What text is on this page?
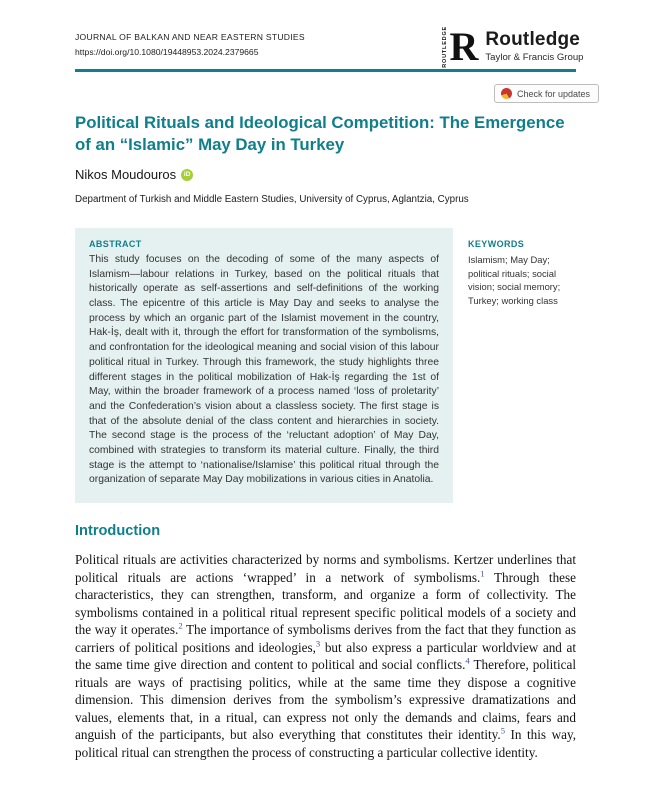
JOURNAL OF BALKAN AND NEAR EASTERN STUDIES
https://doi.org/10.1080/19448953.2024.2379665	ROUTLEDGE R Routledge
Taylor & Francis Group
Check for updates
Political Rituals and Ideological Competition: The Emergence
of an “Islamic” May Day in Turkey
Nikos Moudouros	iD
Department of Turkish and Middle Eastern Studies, University of Cyprus, Aglantzia, Cyprus
ABSTRACT
This study focuses on the decoding of some of the many aspects of Islamism—labour relations in Turkey, based on the political rituals that historically operate as self-assertions and self-definitions of the working class. The epicentre of this article is May Day and seeks to analyse the process by which an organic part of the Islamist movement in the country, Hak-İş, dealt with it, through the effort for transformation of the symbolisms, and confrontation for the ideological meaning and social vision of this labour political ritual in Turkey. Through this framework, the study highlights three different stages in the political mobilization of Hak-İş regarding the 1st of May, within the broader framework of a process named ‘loss of proletarity’ and the Confederation’s vision about a classless society. The first stage is that of the absolute denial of the class content and hierarchies in society. The second stage is the process of the ‘reluctant adoption’ of May Day, combined with strategies to transform its material culture. Finally, the third stage is the attempt to ‘nationalise/Islamise’ this political ritual through the organization of separate May Day mobilizations in various cities in Anatolia.
KEYWORDS
Islamism; May Day; political rituals; social vision; social memory; Turkey; working class
Introduction

Political rituals are activities characterized by norms and symbolisms. Kertzer underlines that political rituals are actions ‘wrapped’ in a network of symbolisms.$^1$ Through these characteristics, they can strengthen, transform, and organize a form of collectivity. The symbolisms contained in a political ritual represent specific political models of a society and the way it operates.$^2$ The importance of symbolisms derives from the fact that they function as carriers of political positions and ideologies,$^3$ but also express a particular worldview and at the same time give direction and content to political and social conflicts.$^4$ Therefore, political rituals are ways of practising politics, while at the same time they dispose a cognitive dimension. This dimension derives from the symbolism’s expressive dramatizations and values, elements that, in a ritual, can express not only the demands and claims, fears and anguish of the participants, but also everything that constitutes their identity.$^5$ In this way, political ritual can strengthen the process of constructing a particular collective identity.
